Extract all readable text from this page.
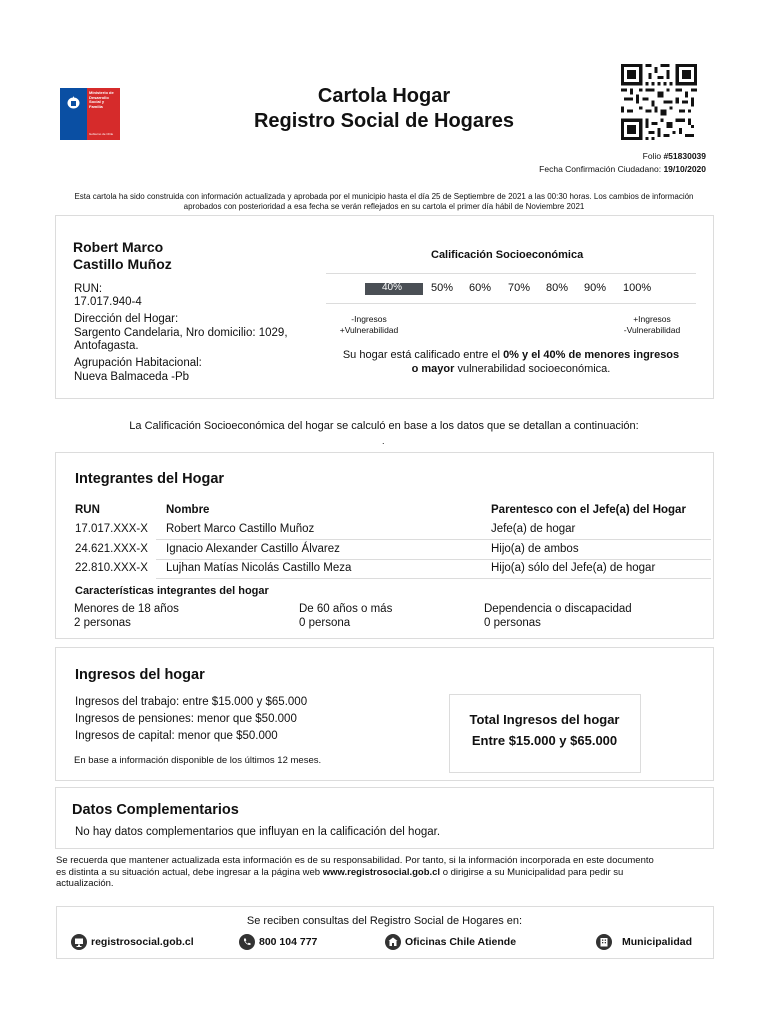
Ministerio de
Desarrollo
Social y
Familia
Gobierno de Chile
Cartola Hogar
Registro Social de Hogares
Folio #51830039
Fecha Confirmación Ciudadano: 19/10/2020
Esta cartola ha sido construida con información actualizada y aprobada por el municipio hasta el día 25 de Septiembre de 2021 a las 00:30 horas. Los cambios de información aprobados con posterioridad a esa fecha se verán reflejados en su cartola el primer día hábil de Noviembre 2021
Robert Marco
Castillo Muñoz
RUN:
17.017.940-4
Dirección del Hogar:
Sargento Candelaria, Nro domicilio: 1029,
Antofagasta.
Agrupación Habitacional:
Nueva Balmaceda -Pb
Calificación Socioeconómica
40%	50% 60% 70% 80% 90% 100%
-Ingresos
+Vulnerabilidad
+Ingresos
-Vulnerabilidad
Su hogar está calificado entre el 0% y el 40% de menores ingresos
o mayor vulnerabilidad socioeconómica.
La Calificación Socioeconómica del hogar se calculó en base a los datos que se detallan a continuación:
.
Integrantes del Hogar
RUN	Nombre	Parentesco con el Jefe(a) del Hogar
17.017.XXX-X Robert Marco Castillo Muñoz	Jefe(a) de hogar
24.621.XXX-X Ignacio Alexander Castillo Álvarez	Hijo(a) de ambos
22.810.XXX-X Lujhan Matías Nicolás Castillo Meza	Hijo(a) sólo del Jefe(a) de hogar
Características integrantes del hogar
Menores de 18 años
2 personas
De 60 años o más
0 persona
Dependencia o discapacidad
0 personas
Ingresos del hogar
Ingresos del trabajo: entre $15.000 y $65.000
Ingresos de pensiones: menor que $50.000
Ingresos de capital: menor que $50.000
En base a información disponible de los últimos 12 meses.
Total Ingresos del hogar
Entre $15.000 y $65.000
Datos Complementarios
No hay datos complementarios que influyan en la calificación del hogar.
Se recuerda que mantener actualizada esta información es de su responsabilidad. Por tanto, si la información incorporada en este documento
es distinta a su situación actual, debe ingresar a la página web www.registrosocial.gob.cl o dirigirse a su Municipalidad para pedir su
actualización.
Se reciben consultas del Registro Social de Hogares en:
registrosocial.gob.cl	800 104 777	Oficinas Chile Atiende	Municipalidad
